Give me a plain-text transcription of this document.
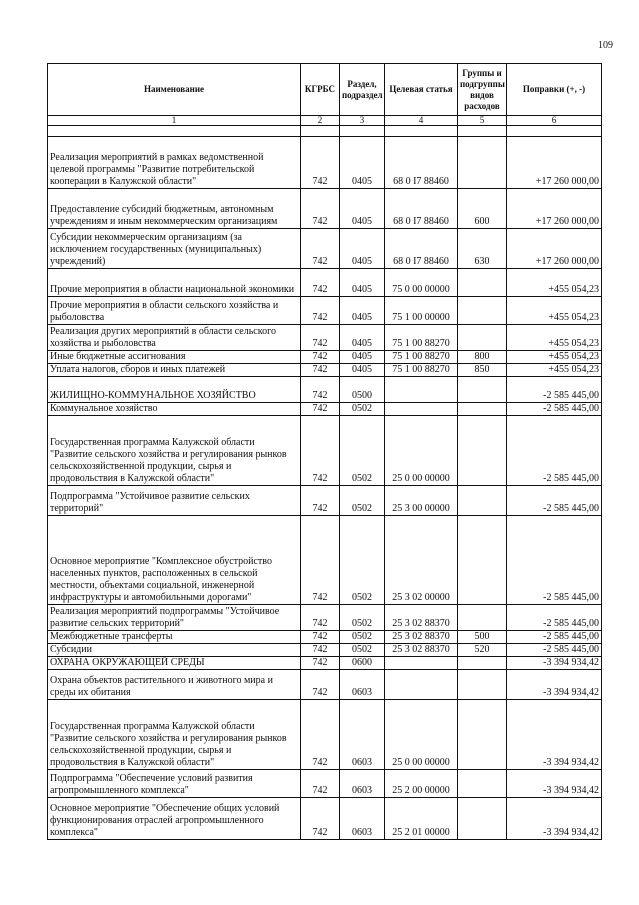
109
Наименование	КГРБС	Раздел, подраздел	Целевая статья	Группы и подгруппы видов расходов	Поправки (+, -)
1	2	3	4	5	6

Реализация мероприятий в рамках ведомственной целевой программы "Развитие потребительской кооперации в Калужской области"	742	0405	68 0 I7 88460		+17 260 000,00
Предоставление субсидий бюджетным, автономным учреждениям и иным некоммерческим организациям	742	0405	68 0 I7 88460	600	+17 260 000,00
Субсидии некоммерческим организациям (за исключением государственных (муниципальных) учреждений)	742	0405	68 0 I7 88460	630	+17 260 000,00
Прочие мероприятия в области национальной экономики	742	0405	75 0 00 00000		+455 054,23
Прочие мероприятия в области сельского хозяйства и рыболовства	742	0405	75 1 00 00000		+455 054,23
Реализация других мероприятий в области сельского хозяйства и рыболовства	742	0405	75 1 00 88270		+455 054,23
Иные бюджетные ассигнования	742	0405	75 1 00 88270	800	+455 054,23
Уплата налогов, сборов и иных платежей	742	0405	75 1 00 88270	850	+455 054,23
ЖИЛИЩНО-КОММУНАЛЬНОЕ ХОЗЯЙСТВО	742	0500			-2 585 445,00
Коммунальное хозяйство	742	0502			-2 585 445,00
Государственная программа Калужской области "Развитие сельского хозяйства и регулирования рынков сельскохозяйственной продукции, сырья и продовольствия в Калужской области"	742	0502	25 0 00 00000		-2 585 445,00
Подпрограмма "Устойчивое развитие сельских территорий"	742	0502	25 3 00 00000		-2 585 445,00
Основное мероприятие "Комплексное обустройство населенных пунктов, расположенных в сельской местности, объектами социальной, инженерной инфраструктуры и автомобильными дорогами"	742	0502	25 3 02 00000		-2 585 445,00
Реализация мероприятий подпрограммы "Устойчивое развитие сельских территорий"	742	0502	25 3 02 88370		-2 585 445,00
Межбюджетные трансферты	742	0502	25 3 02 88370	500	-2 585 445,00
Субсидии	742	0502	25 3 02 88370	520	-2 585 445,00
ОХРАНА ОКРУЖАЮЩЕЙ СРЕДЫ	742	0600			-3 394 934,42
Охрана объектов растительного и животного мира и среды их обитания	742	0603			-3 394 934,42
Государственная программа Калужской области "Развитие сельского хозяйства и регулирования рынков сельскохозяйственной продукции, сырья и продовольствия в Калужской области"	742	0603	25 0 00 00000		-3 394 934,42
Подпрограмма "Обеспечение условий развития агропромышленного комплекса"	742	0603	25 2 00 00000		-3 394 934,42
Основное мероприятие "Обеспечение общих условий функционирования отраслей агропромышленного комплекса"	742	0603	25 2 01 00000		-3 394 934,42
